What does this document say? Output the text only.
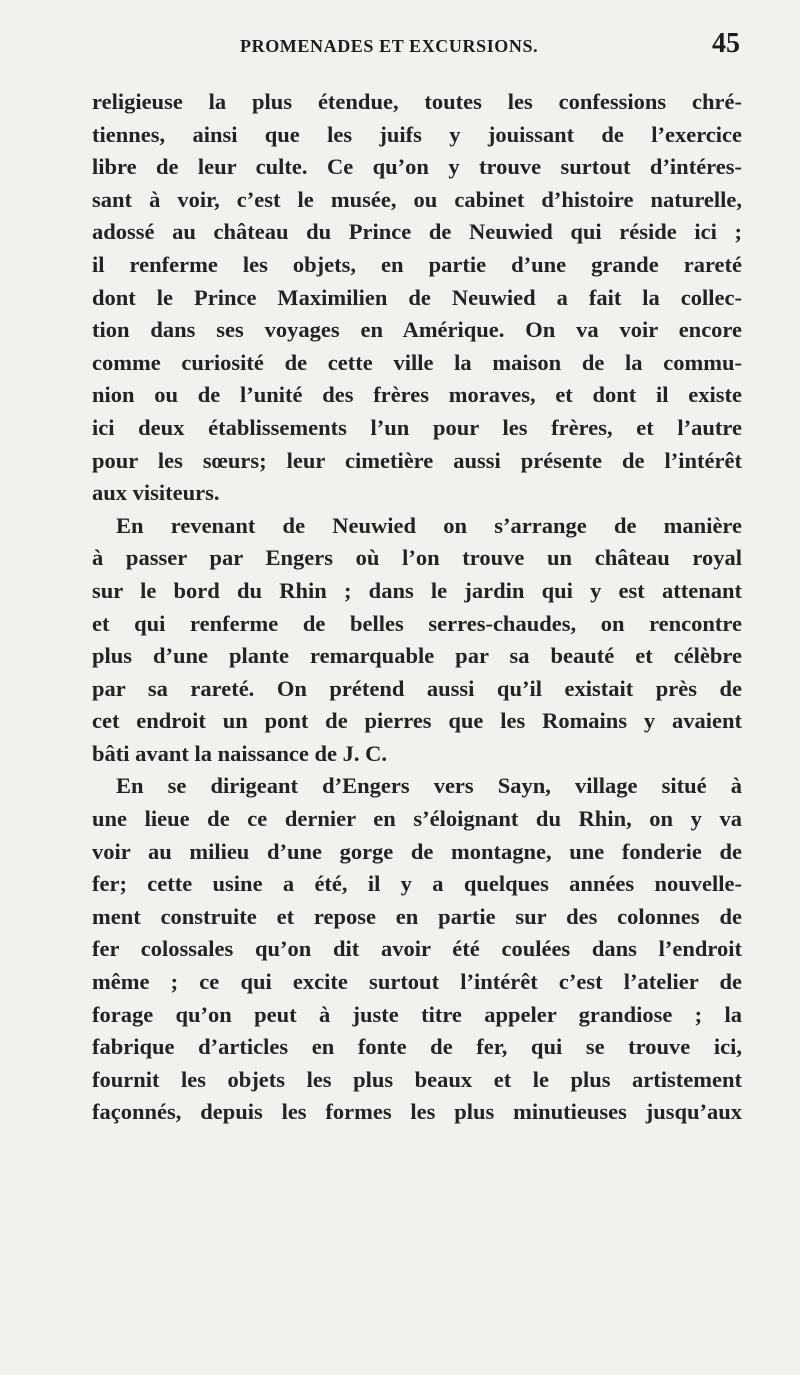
PROMENADES ET EXCURSIONS.	45
religieuse la plus étendue, toutes les confessions chré-
tiennes, ainsi que les juifs y jouissant de l’exercice
libre de leur culte. Ce qu’on y trouve surtout d’intéres-
sant à voir, c’est le musée, ou cabinet d’histoire naturelle,
adossé au château du Prince de Neuwied qui réside ici ;
il renferme les objets, en partie d’une grande rareté
dont le Prince Maximilien de Neuwied a fait la collec-
tion dans ses voyages en Amérique. On va voir encore
comme curiosité de cette ville la maison de la commu-
nion ou de l’unité des frères moraves, et dont il existe
ici deux établissements l’un pour les frères, et l’autre
pour les sœurs; leur cimetière aussi présente de l’intérêt
aux visiteurs.
En revenant de Neuwied on s’arrange de manière
à passer par Engers où l’on trouve un château royal
sur le bord du Rhin ; dans le jardin qui y est attenant
et qui renferme de belles serres-chaudes, on rencontre
plus d’une plante remarquable par sa beauté et célèbre
par sa rareté. On prétend aussi qu’il existait près de
cet endroit un pont de pierres que les Romains y avaient
bâti avant la naissance de J. C.
En se dirigeant d’Engers vers Sayn, village situé à
une lieue de ce dernier en s’éloignant du Rhin, on y va
voir au milieu d’une gorge de montagne, une fonderie de
fer; cette usine a été, il y a quelques années nouvelle-
ment construite et repose en partie sur des colonnes de
fer colossales qu’on dit avoir été coulées dans l’endroit
même ; ce qui excite surtout l’intérêt c’est l’atelier de
forage qu’on peut à juste titre appeler grandiose ; la
fabrique d’articles en fonte de fer, qui se trouve ici,
fournit les objets les plus beaux et le plus artistement
façonnés, depuis les formes les plus minutieuses jusqu’aux
